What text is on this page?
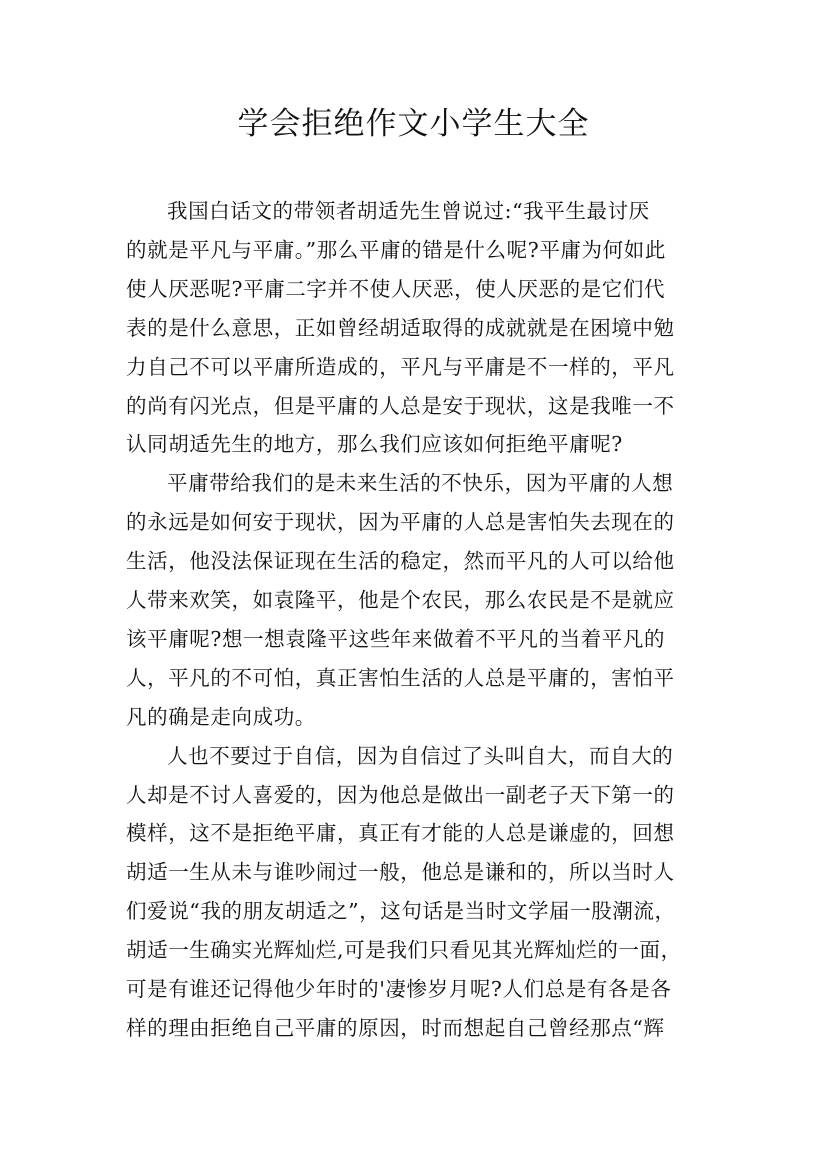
学会拒绝作文小学生大全
我国白话文的带领者胡适先生曾说过:“我平生最讨厌
的就是平凡与平庸。”那么平庸的错是什么呢?平庸为何如此
使人厌恶呢?平庸二字并不使人厌恶，使人厌恶的是它们代
表的是什么意思，正如曾经胡适取得的成就就是在困境中勉
力自己不可以平庸所造成的，平凡与平庸是不一样的，平凡
的尚有闪光点，但是平庸的人总是安于现状，这是我唯一不
认同胡适先生的地方，那么我们应该如何拒绝平庸呢?
平庸带给我们的是未来生活的不快乐，因为平庸的人想
的永远是如何安于现状，因为平庸的人总是害怕失去现在的
生活，他没法保证现在生活的稳定，然而平凡的人可以给他
人带来欢笑，如袁隆平，他是个农民，那么农民是不是就应
该平庸呢?想一想袁隆平这些年来做着不平凡的当着平凡的
人，平凡的不可怕，真正害怕生活的人总是平庸的，害怕平
凡的确是走向成功。
人也不要过于自信，因为自信过了头叫自大，而自大的
人却是不讨人喜爱的，因为他总是做出一副老子天下第一的
模样，这不是拒绝平庸，真正有才能的人总是谦虚的，回想
胡适一生从未与谁吵闹过一般，他总是谦和的，所以当时人
们爱说“我的朋友胡适之”，这句话是当时文学届一股潮流，
胡适一生确实光辉灿烂,可是我们只看见其光辉灿烂的一面，
可是有谁还记得他少年时的'凄惨岁月呢?人们总是有各是各
样的理由拒绝自己平庸的原因，时而想起自己曾经那点“辉
